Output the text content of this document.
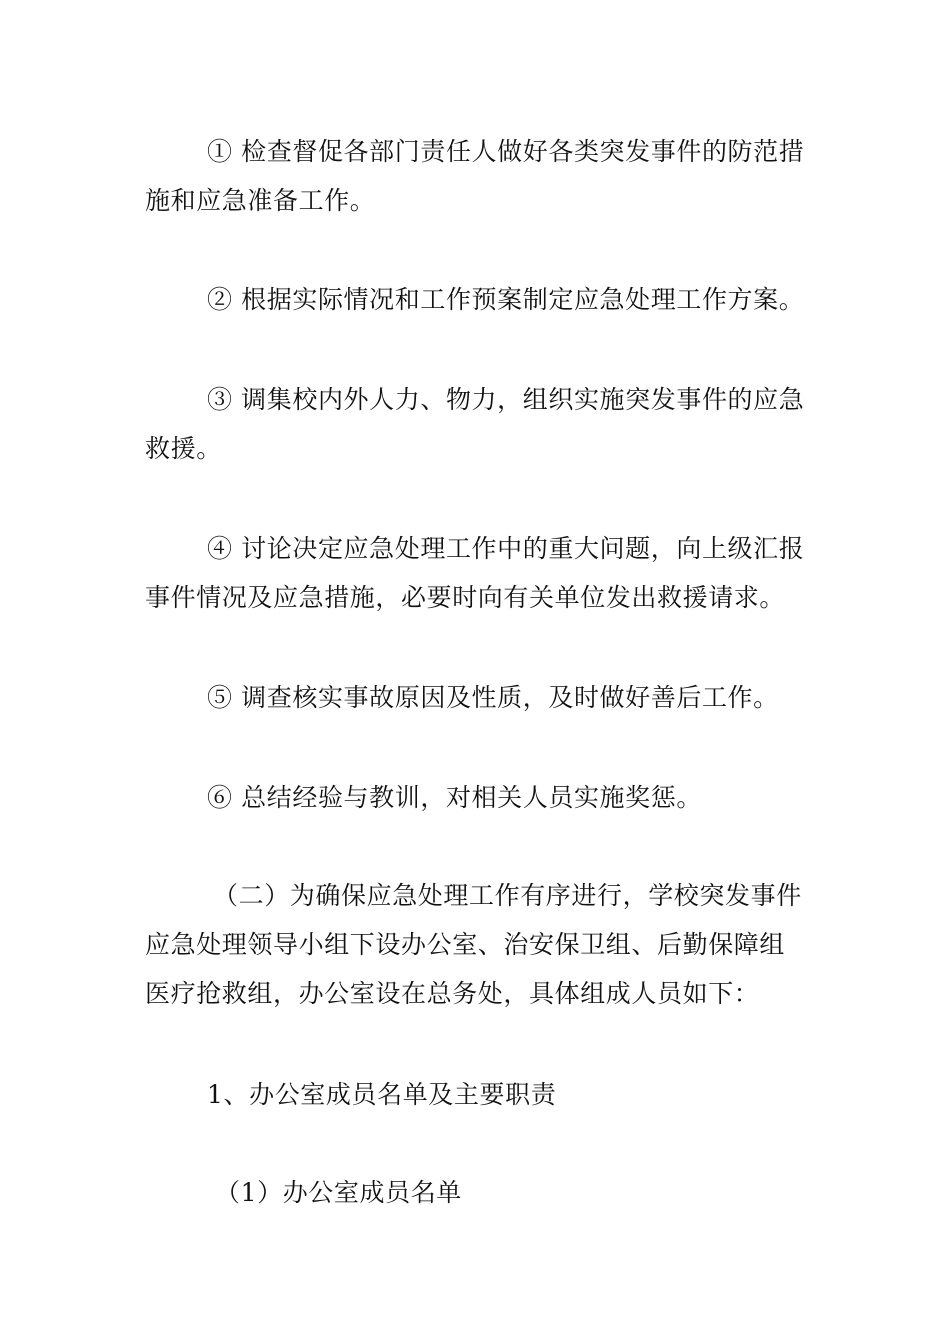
① 检查督促各部门责任人做好各类突发事件的防范措施和应急准备工作。

② 根据实际情况和工作预案制定应急处理工作方案。

③ 调集校内外人力、物力，组织实施突发事件的应急救援。

④ 讨论决定应急处理工作中的重大问题，向上级汇报事件情况及应急措施，必要时向有关单位发出救援请求。

⑤ 调查核实事故原因及性质，及时做好善后工作。

⑥ 总结经验与教训，对相关人员实施奖惩。

（二）为确保应急处理工作有序进行，学校突发事件应急处理领导小组下设办公室、治安保卫组、后勤保障组医疗抢救组，办公室设在总务处，具体组成人员如下：

1、办公室成员名单及主要职责

（1）办公室成员名单
